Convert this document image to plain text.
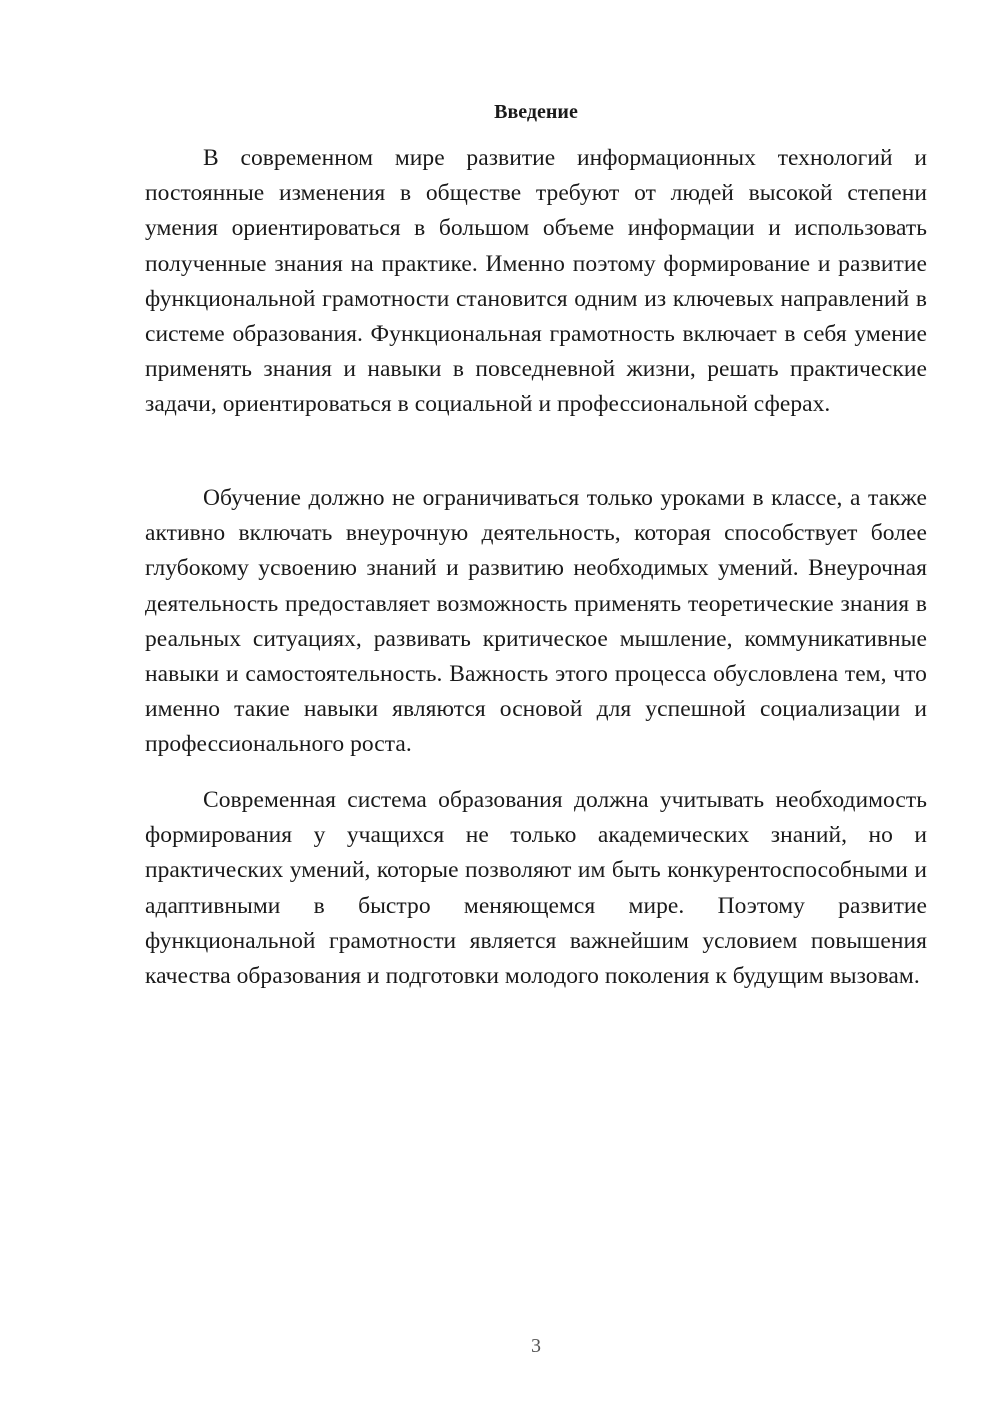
Введение

В современном мире развитие информационных технологий и постоянные изменения в обществе требуют от людей высокой степени умения ориентироваться в большом объеме информации и использовать полученные знания на практике. Именно поэтому формирование и развитие функциональной грамотности становится одним из ключевых направлений в системе образования. Функциональная грамотность включает в себя умение применять знания и навыки в повседневной жизни, решать практические задачи, ориентироваться в социальной и профессиональной сферах.

Обучение должно не ограничиваться только уроками в классе, а также активно включать внеурочную деятельность, которая способствует более глубокому усвоению знаний и развитию необходимых умений. Внеурочная деятельность предоставляет возможность применять теоретические знания в реальных ситуациях, развивать критическое мышление, коммуникативные навыки и самостоятельность. Важность этого процесса обусловлена тем, что именно такие навыки являются основой для успешной социализации и профессионального роста.

Современная система образования должна учитывать необходимость формирования у учащихся не только академических знаний, но и практических умений, которые позволяют им быть конкурентоспособными и адаптивными в быстро меняющемся мире. Поэтому развитие функциональной грамотности является важнейшим условием повышения качества образования и подготовки молодого поколения к будущим вызовам.

3
